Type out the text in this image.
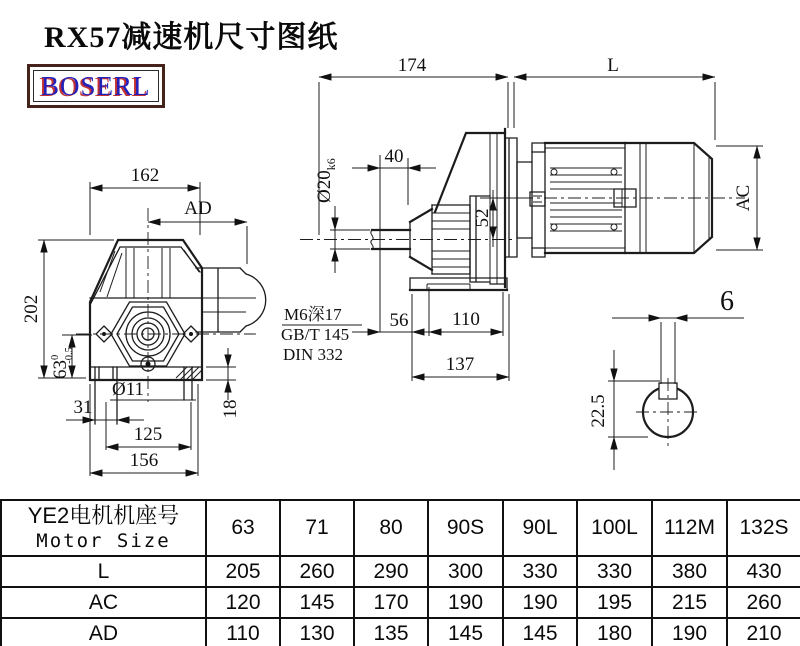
162
AD
202
$63^0$ -0.5
18
31
Ø11
125
156
174	L
40
$Ø20_{k6}$
52
M6深17
GB/T 145
DIN 332
56 110
137
AC
6
22.5
RX57减速机尺寸图纸
BOSERL
YE2电机机座号
Motor Size	63	71	80	90S	90L	100L	112M	132S
L	205	260	290	300	330	330	380	430
AC	120	145	170	190	190	195	215	260
AD	110	130	135	145	145	180	190	210
